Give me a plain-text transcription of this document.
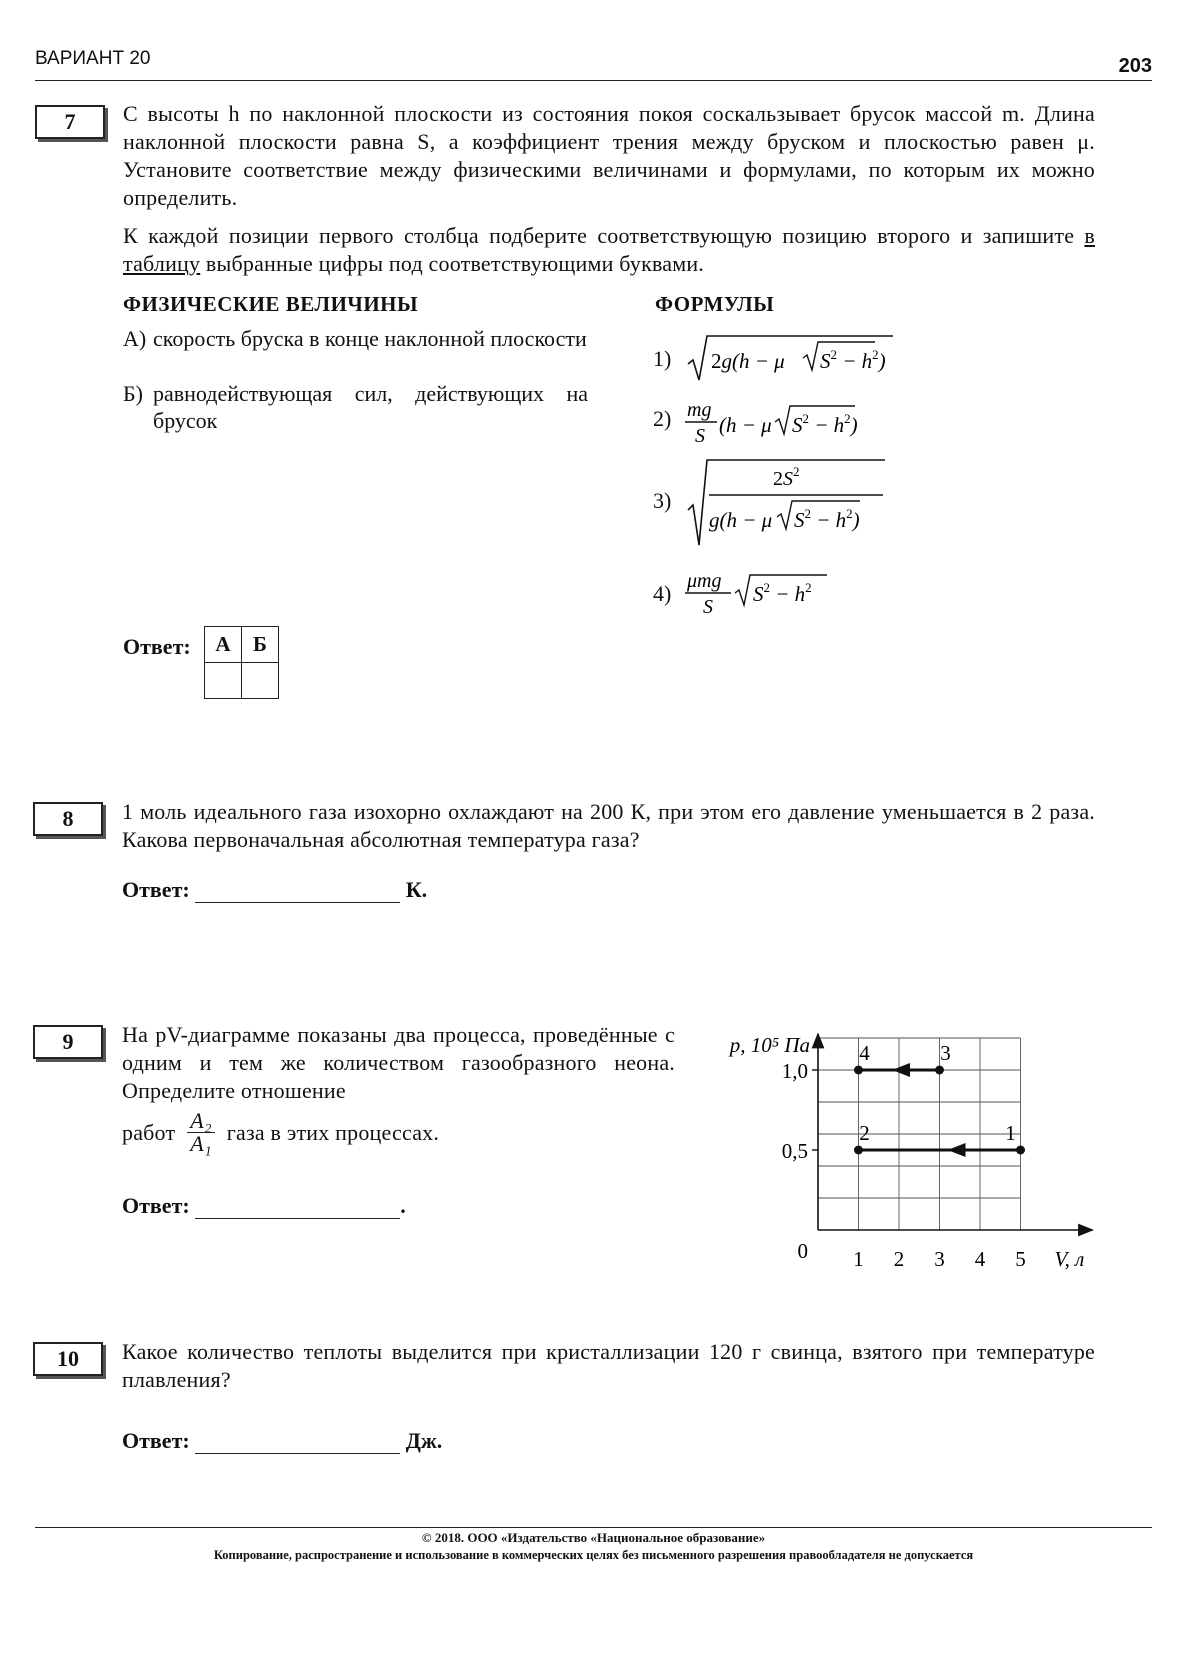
ВАРИАНТ 20	203
7	С высоты h по наклонной плоскости из состояния покоя соскальзывает брусок массой m. Длина наклонной плоскости равна S, а коэффициент трения между бруском и плоскостью равен μ. Установите соответствие между физическими величинами и формулами, по которым их можно определить.
К каждой позиции первого столбца подберите соответствующую позицию второго и запишите в таблицу выбранные цифры под соответствующими буквами.
ФИЗИЧЕСКИЕ ВЕЛИЧИНЫ	ФОРМУЛЫ
А) скорость бруска в конце наклонной плоскости
Б) равнодействующая сил, действующих на брусок
1) 2g(h − μ $S^2 - h^2$)
2) mg
S (h − μ $S^2 - h^2$)
3)
$2S^2$
g(h − μ $S^2 - h^2$)
4) μmg
S
$S^2 - h^2$
Ответ: А	Б

8	1 моль идеального газа изохорно охлаждают на 200 К, при этом его давление уменьшается в 2 раза. Какова первоначальная абсолютная температура газа?
Ответ:	К.
9	На pV-диаграмме показаны два процесса, проведённые с одним и тем же количеством газообразного неона. Определите отношение
работ $\frac{\text{A₂}}{\text{A₁}}$ газа в этих процессах.
Ответ:	.
1 2 3 4 5
0,5
1,0
1
2
3
4
p, 10⁵ Па
V, л
0
10	Какое количество теплоты выделится при кристаллизации 120 г свинца, взятого при температуре плавления?
Ответ:	Дж.
© 2018. ООО «Издательство «Национальное образование»
Копирование, распространение и использование в коммерческих целях без письменного разрешения правообладателя не допускается
